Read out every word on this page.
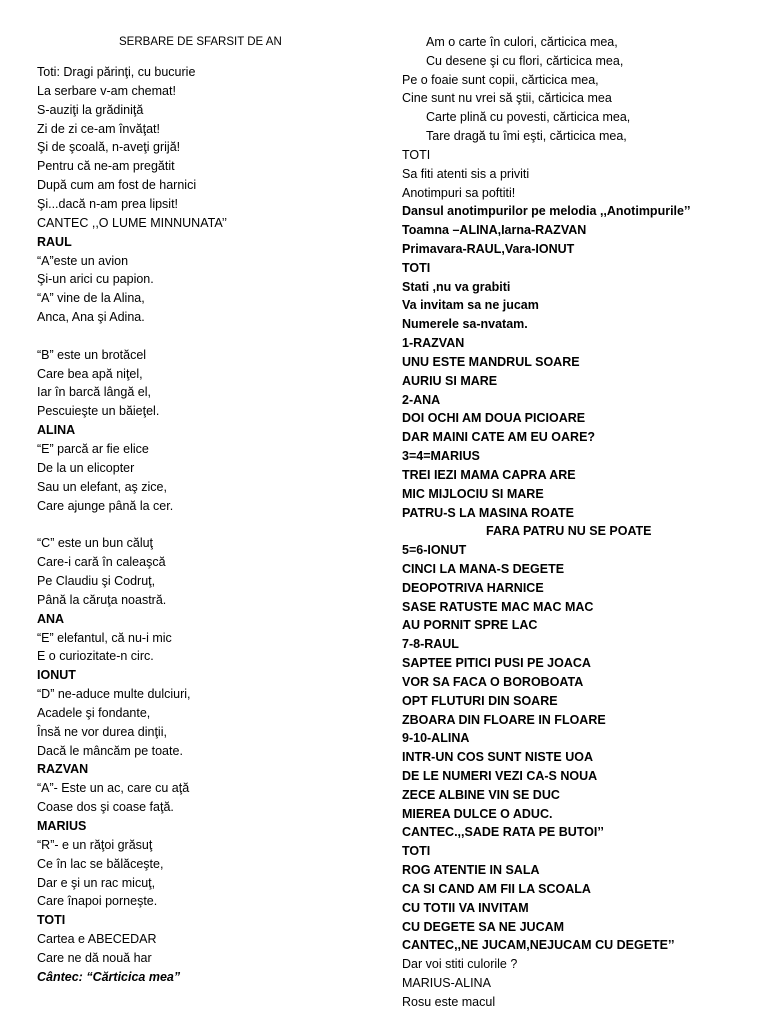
SERBARE DE SFARSIT DE AN
Toti: Dragi părinţi, cu bucurie
La serbare v-am chemat!
S-auziţi la grădiniţă
Zi de zi ce-am învăţat!
Şi de şcoală, n-aveţi grijă!
Pentru că ne-am pregătit
După cum am fost de harnici
Şi...dacă n-am prea lipsit!
CANTEC ,,O LUME MINNUNATA’’
RAUL
“A”este un avion
Şi-un arici cu papion.
“A” vine de la Alina,
Anca, Ana şi Adina.
“B” este un brotăcel
Care bea apă niţel,
Iar în barcă lângă el,
Pescuieşte un băieţel.
ALINA
“E” parcă ar fie elice
De la un elicopter
Sau un elefant, aş zice,
Care ajunge până la cer.
“C” este un bun căluţ
Care-i cară în caleaşcă
Pe Claudiu şi Codruţ,
Până la căruţa noastră.
ANA
“E” elefantul, că nu-i mic
E o curiozitate-n circ.
IONUT
“D” ne-aduce multe dulciuri,
Acadele şi fondante,
Însă ne vor durea dinţii,
Dacă le mâncăm pe toate.
RAZVAN
“A”- Este un ac, care cu aţă
Coase dos şi coase faţă.
MARIUS
“R”- e un răţoi grăsuţ
Ce în lac se bălăceşte,
Dar e şi un rac micuţ,
Care înapoi porneşte.
TOTI
Cartea e ABECEDAR
Care ne dă nouă har
Cântec: “Cărticica mea”
Am o carte în culori, cărticica mea,
Cu desene şi cu flori, cărticica mea,
Pe o foaie sunt copii, cărticica mea,
Cine sunt nu vrei să ştii, cărticica mea
Carte plină cu povesti, cărticica mea,
Tare dragă tu îmi eşti, cărticica mea,
TOTI
Sa fiti atenti sis a priviti
Anotimpuri sa poftiti!
Dansul anotimpurilor pe melodia ,,Anotimpurile’’
Toamna –ALINA,Iarna-RAZVAN
Primavara-RAUL,Vara-IONUT
TOTI
Stati ,nu va grabiti
Va invitam sa ne jucam
Numerele sa-nvatam.
1-RAZVAN
UNU ESTE MANDRUL SOARE
AURIU SI MARE
2-ANA
DOI OCHI AM DOUA PICIOARE
DAR MAINI CATE AM EU OARE?
3=4=MARIUS
TREI IEZI MAMA CAPRA ARE
MIC MIJLOCIU SI MARE
PATRU-S LA MASINA ROATE
FARA PATRU NU SE POATE
5=6-IONUT
CINCI LA MANA-S DEGETE
DEOPOTRIVA HARNICE
SASE RATUSTE MAC MAC MAC
AU PORNIT SPRE LAC
7-8-RAUL
SAPTEE PITICI PUSI PE JOACA
VOR SA FACA O BOROBOATA
OPT FLUTURI DIN SOARE
ZBOARA DIN FLOARE IN FLOARE
9-10-ALINA
INTR-UN COS SUNT NISTE UOA
DE LE NUMERI VEZI CA-S NOUA
ZECE ALBINE VIN SE DUC
MIEREA DULCE O ADUC.
CANTEC.,,SADE RATA PE BUTOI’’
TOTI
ROG ATENTIE IN SALA
CA SI CAND AM FII LA SCOALA
CU TOTII VA INVITAM
CU DEGETE SA NE JUCAM
CANTEC,,NE JUCAM,NEJUCAM CU DEGETE’’
Dar voi stiti culorile ?
MARIUS-ALINA
Rosu este macul
